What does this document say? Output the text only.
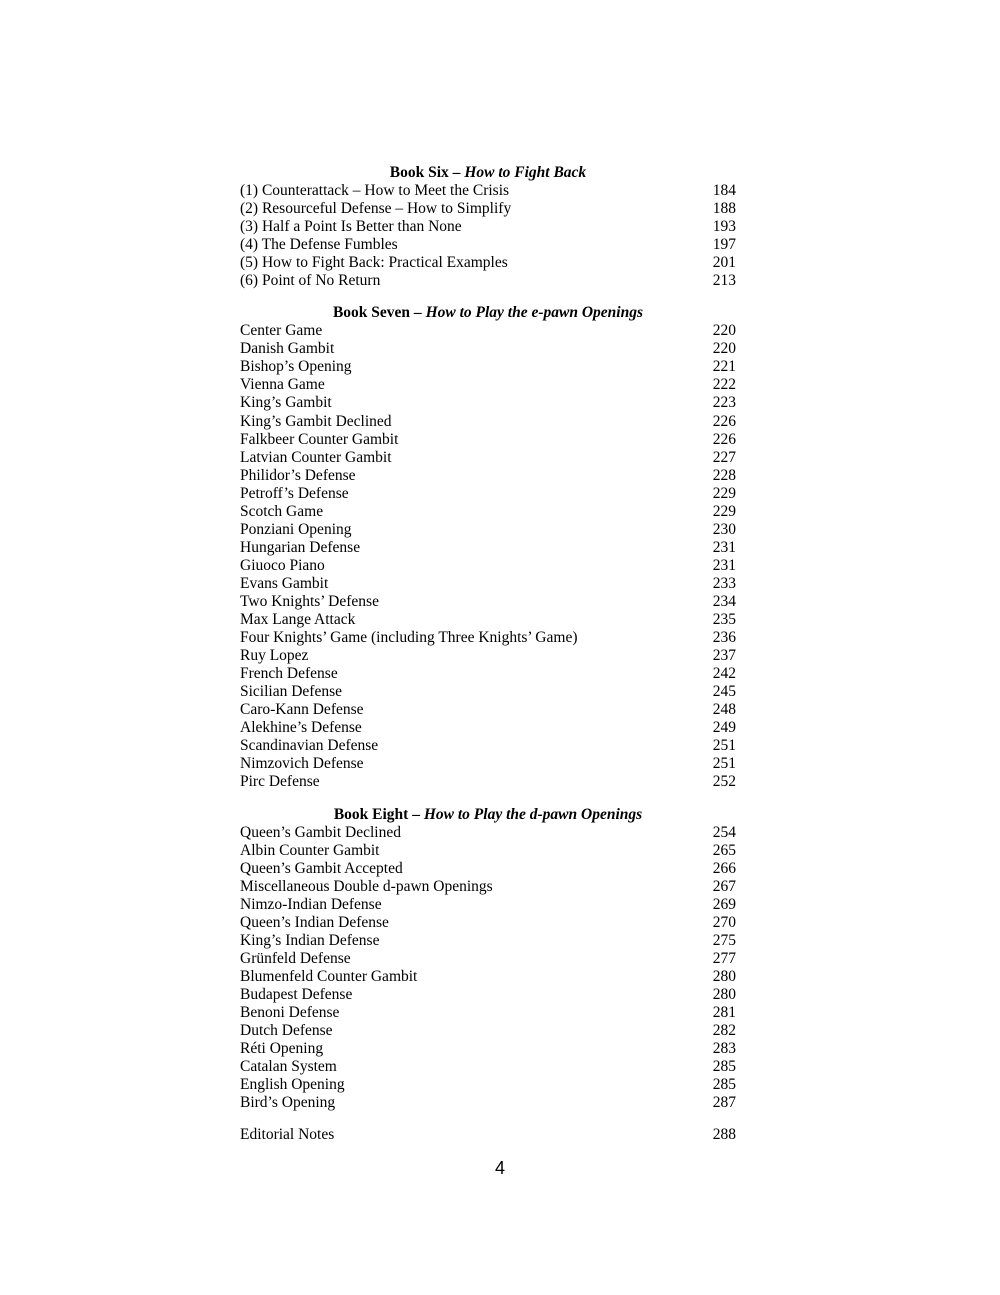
Book Six – How to Fight Back
(1) Counterattack – How to Meet the Crisis	184
(2) Resourceful Defense – How to Simplify	188
(3) Half a Point Is Better than None	193
(4) The Defense Fumbles	197
(5) How to Fight Back: Practical Examples	201
(6) Point of No Return	213
Book Seven – How to Play the e-pawn Openings
Center Game	220
Danish Gambit	220
Bishop’s Opening	221
Vienna Game	222
King’s Gambit	223
King’s Gambit Declined	226
Falkbeer Counter Gambit	226
Latvian Counter Gambit	227
Philidor’s Defense	228
Petroff’s Defense	229
Scotch Game	229
Ponziani Opening	230
Hungarian Defense	231
Giuoco Piano	231
Evans Gambit	233
Two Knights’ Defense	234
Max Lange Attack	235
Four Knights’ Game (including Three Knights’ Game)	236
Ruy Lopez	237
French Defense	242
Sicilian Defense	245
Caro-Kann Defense	248
Alekhine’s Defense	249
Scandinavian Defense	251
Nimzovich Defense	251
Pirc Defense	252
Book Eight – How to Play the d-pawn Openings
Queen’s Gambit Declined	254
Albin Counter Gambit	265
Queen’s Gambit Accepted	266
Miscellaneous Double d-pawn Openings	267
Nimzo-Indian Defense	269
Queen’s Indian Defense	270
King’s Indian Defense	275
Grünfeld Defense	277
Blumenfeld Counter Gambit	280
Budapest Defense	280
Benoni Defense	281
Dutch Defense	282
Réti Opening	283
Catalan System	285
English Opening	285
Bird’s Opening	287
Editorial Notes	288
4
